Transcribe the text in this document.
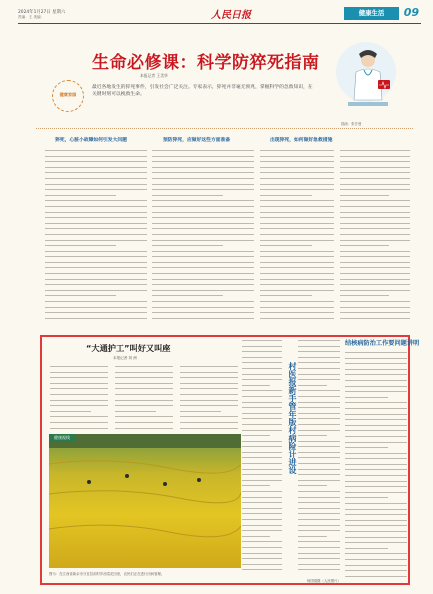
2024年1月27日 星期六
责编：王 美编：	人民日报	健康生活	09
健康家园
生命必修课：科学防猝死指南
本报记者 王美华
最近各地发生的猝死事件，引发社会广泛关注。专家表示，猝死并非毫无预兆，掌握科学的急救知识，在关键时刻可以挽救生命。
插画：张芳曼
猝死，心脏小故障如何引发大问题	预防猝死，应做好这些方面准备	出现猝死，如何做好急救措施
“大通护工”叫好又叫座
本报记者 刘 洲
村医报新手管年版村病险计进设
结核病防治工作要问题讲明
健康视线
图为：在江西省新余市分宜县洞村乡油菜花田里，农民们正在进行田间管理。
杨国梁摄（人民图片）
